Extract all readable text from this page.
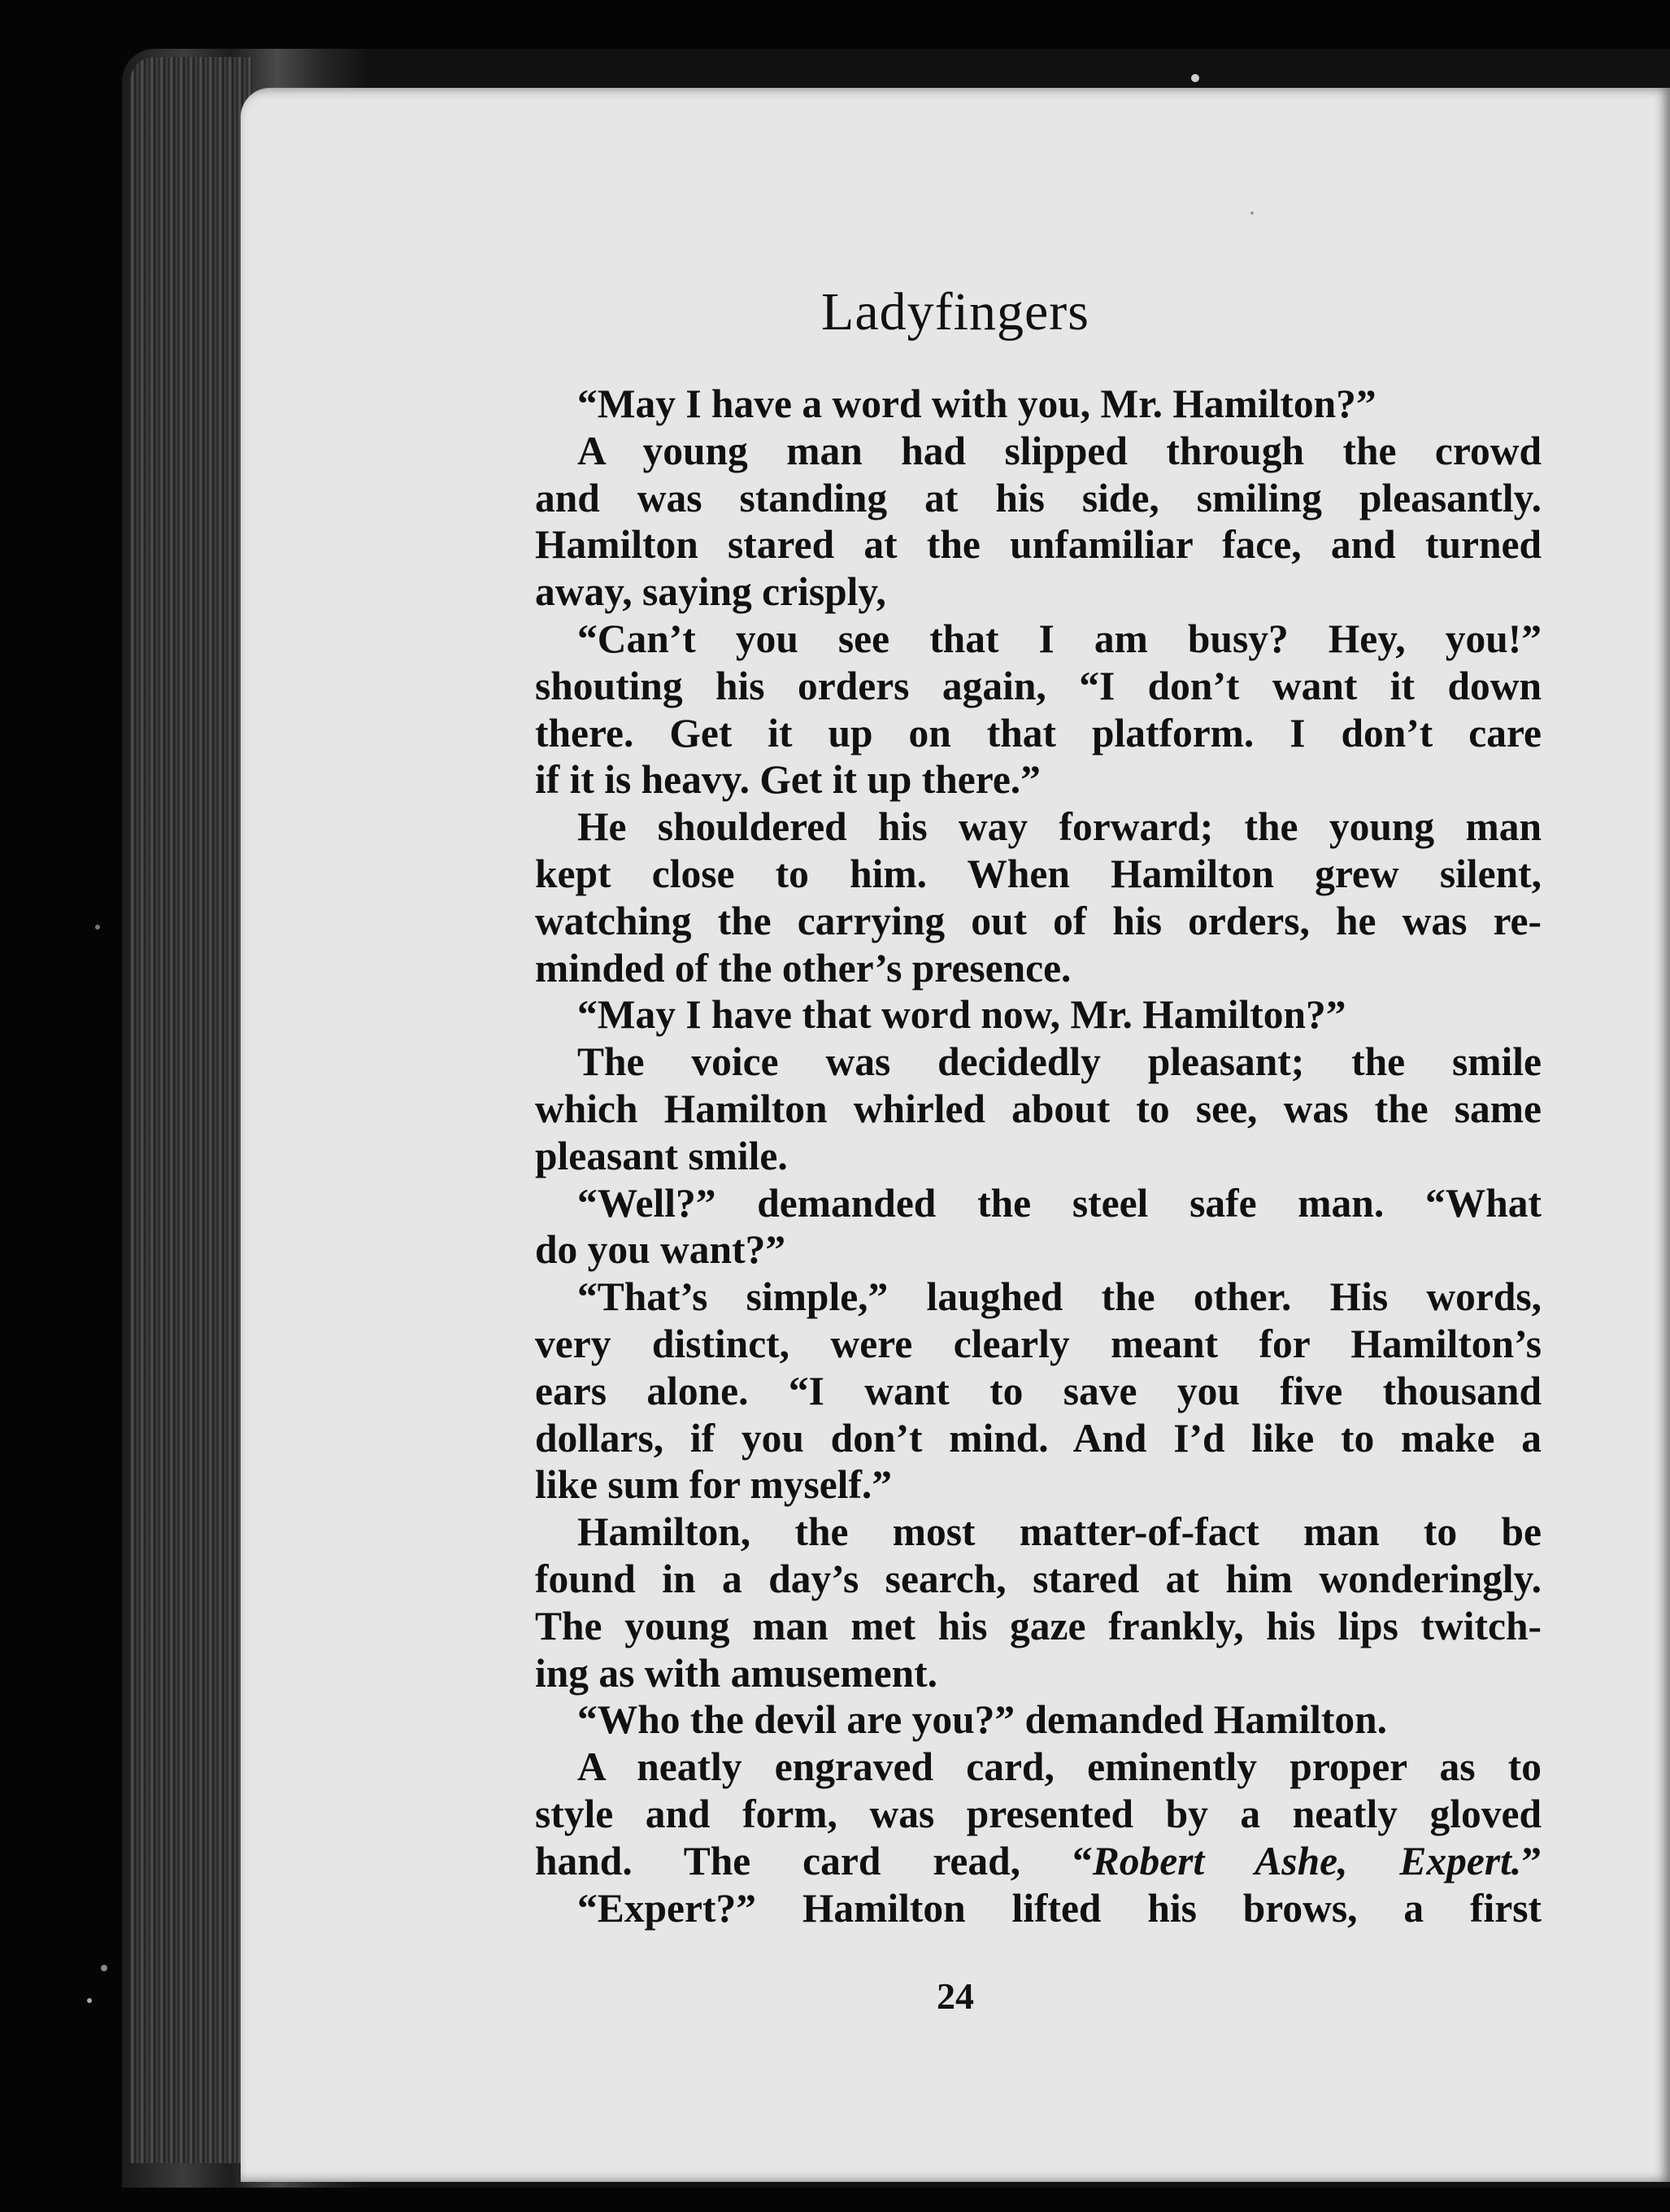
Ladyfingers
“May I have a word with you, Mr. Hamilton?”
A young man had slipped through the crowd
and was standing at his side, smiling pleasantly.
Hamilton stared at the unfamiliar face, and turned
away, saying crisply,
“Can’t you see that I am busy? Hey, you!”
shouting his orders again, “I don’t want it down
there. Get it up on that platform. I don’t care
if it is heavy. Get it up there.”
He shouldered his way forward; the young man
kept close to him. When Hamilton grew silent,
watching the carrying out of his orders, he was re-
minded of the other’s presence.
“May I have that word now, Mr. Hamilton?”
The voice was decidedly pleasant; the smile
which Hamilton whirled about to see, was the same
pleasant smile.
“Well?” demanded the steel safe man. “What
do you want?”
“That’s simple,” laughed the other. His words,
very distinct, were clearly meant for Hamilton’s
ears alone. “I want to save you five thousand
dollars, if you don’t mind. And I’d like to make a
like sum for myself.”
Hamilton, the most matter-of-fact man to be
found in a day’s search, stared at him wonderingly.
The young man met his gaze frankly, his lips twitch-
ing as with amusement.
“Who the devil are you?” demanded Hamilton.
A neatly engraved card, eminently proper as to
style and form, was presented by a neatly gloved
hand. The card read, “Robert Ashe, Expert.”
“Expert?” Hamilton lifted his brows, a first
24
